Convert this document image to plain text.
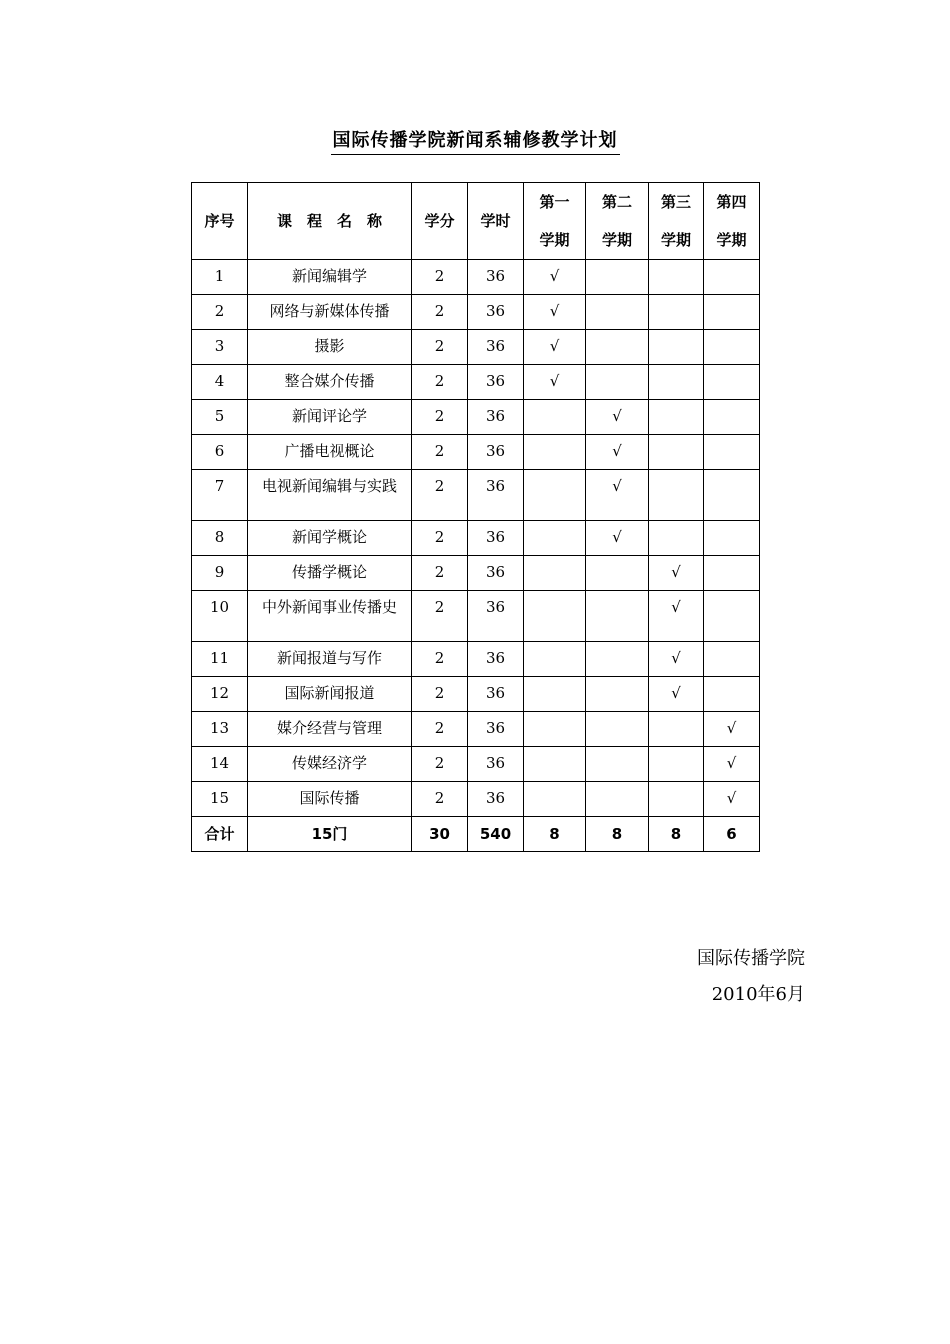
国际传播学院新闻系辅修教学计划
序号	课　程　名　称	学分	学时	第一学期	第二学期	第三学期	第四学期

1	新闻编辑学	2	36	√			
2	网络与新媒体传播	2	36	√			
3	摄影	2	36	√			
4	整合媒介传播	2	36	√			
5	新闻评论学	2	36		√		
6	广播电视概论	2	36		√		
7	电视新闻编辑与实践	2	36		√		
8	新闻学概论	2	36		√		
9	传播学概论	2	36			√	
10	中外新闻事业传播史	2	36			√	
11	新闻报道与写作	2	36			√	
12	国际新闻报道	2	36			√	
13	媒介经营与管理	2	36				√
14	传媒经济学	2	36				√
15	国际传播	2	36				√
合计	15门	30	540	8	8	8	6
国际传播学院
2010年6月
